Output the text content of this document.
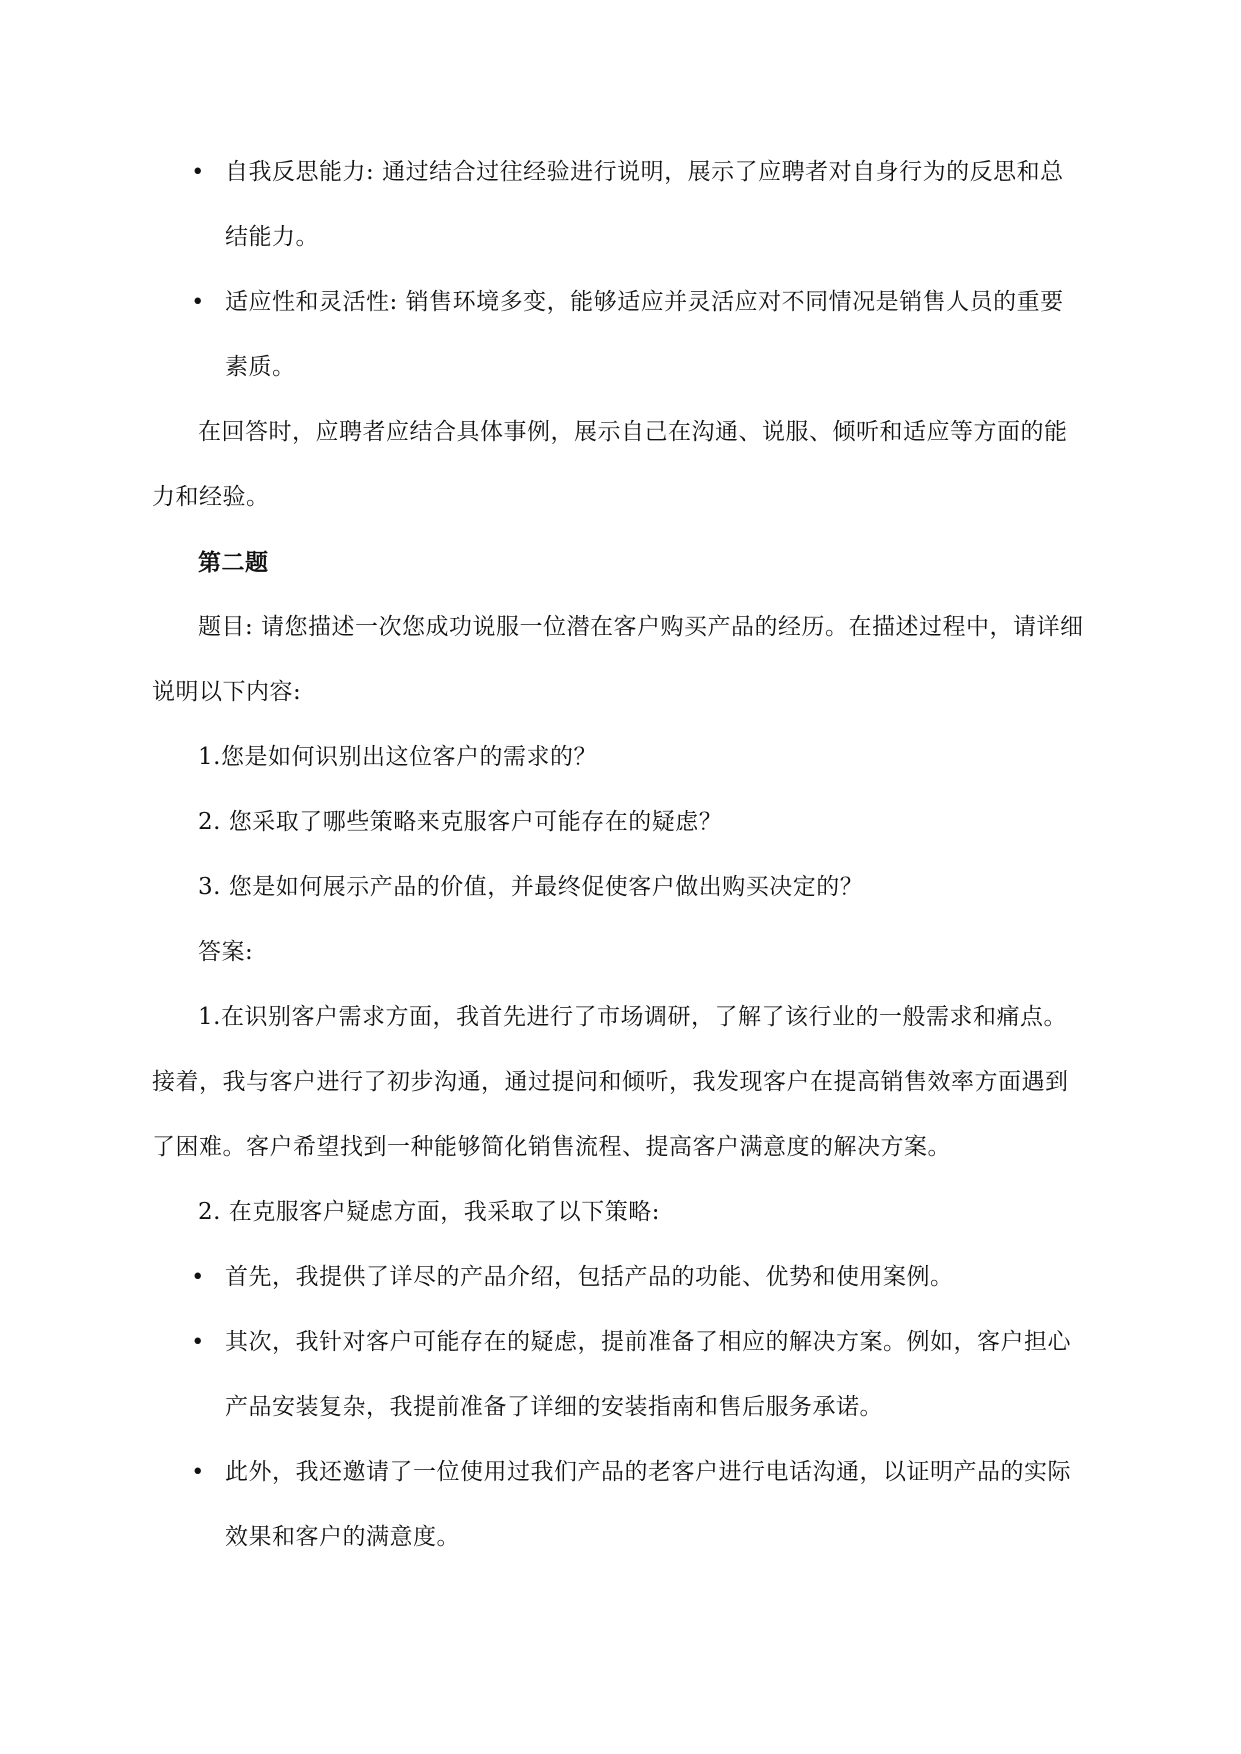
• 自我反思能力: 通过结合过往经验进行说明，展示了应聘者对自身行为的反思和总结能力。
• 适应性和灵活性: 销售环境多变，能够适应并灵活应对不同情况是销售人员的重要素质。

在回答时，应聘者应结合具体事例，展示自己在沟通、说服、倾听和适应等方面的能力和经验。

第二题

题目: 请您描述一次您成功说服一位潜在客户购买产品的经历。在描述过程中，请详细说明以下内容:

1.您是如何识别出这位客户的需求的？

2. 您采取了哪些策略来克服客户可能存在的疑虑？

3. 您是如何展示产品的价值，并最终促使客户做出购买决定的？

答案:

1.在识别客户需求方面，我首先进行了市场调研，了解了该行业的一般需求和痛点。接着，我与客户进行了初步沟通，通过提问和倾听，我发现客户在提高销售效率方面遇到了困难。客户希望找到一种能够简化销售流程、提高客户满意度的解决方案。

2. 在克服客户疑虑方面，我采取了以下策略:

• 首先，我提供了详尽的产品介绍，包括产品的功能、优势和使用案例。
• 其次，我针对客户可能存在的疑虑，提前准备了相应的解决方案。例如，客户担心产品安装复杂，我提前准备了详细的安装指南和售后服务承诺。
• 此外，我还邀请了一位使用过我们产品的老客户进行电话沟通，以证明产品的实际效果和客户的满意度。
